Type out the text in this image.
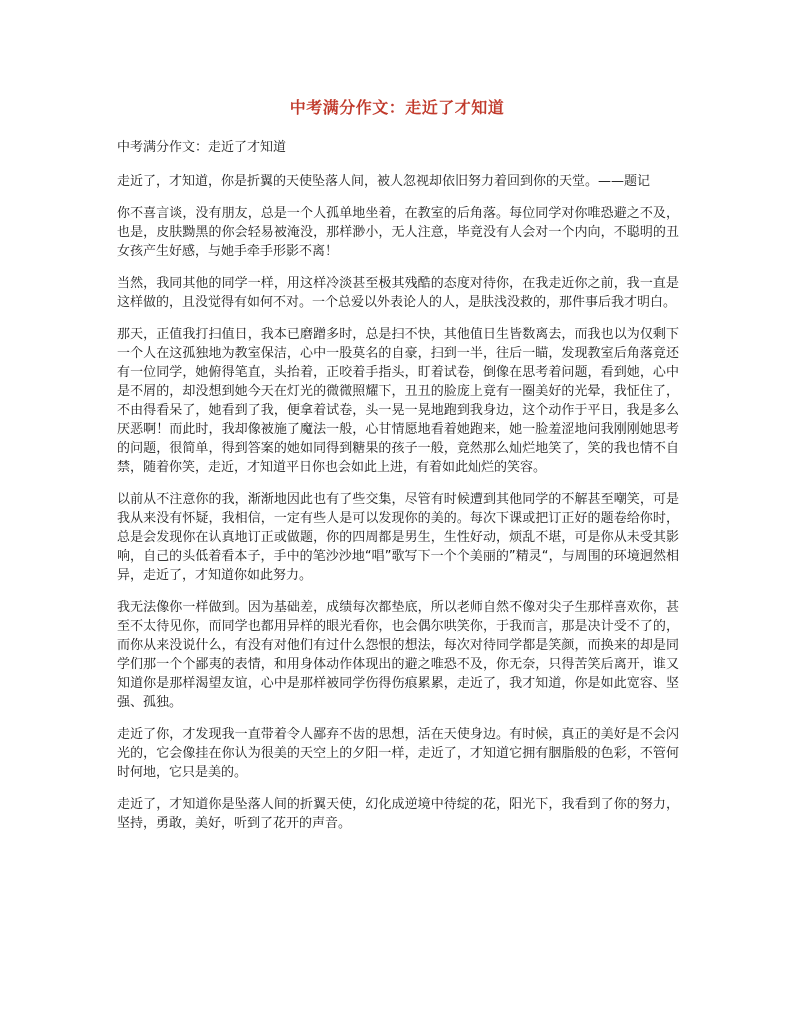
中考满分作文：走近了才知道

中考满分作文：走近了才知道

走近了，才知道，你是折翼的天使坠落人间，被人忽视却依旧努力着回到你的天堂。——题记

你不喜言谈，没有朋友，总是一个人孤单地坐着，在教室的后角落。每位同学对你唯恐避之不及，也是，皮肤黝黑的你会轻易被淹没，那样渺小，无人注意，毕竟没有人会对一个内向，不聪明的丑女孩产生好感，与她手牵手形影不离！

当然，我同其他的同学一样，用这样冷淡甚至极其残酷的态度对待你，在我走近你之前，我一直是这样做的，且没觉得有如何不对。一个总爱以外表论人的人，是肤浅没救的，那件事后我才明白。

那天，正值我打扫值日，我本已磨蹭多时，总是扫不快，其他值日生皆数离去，而我也以为仅剩下一个人在这孤独地为教室保洁，心中一股莫名的自豪，扫到一半，往后一瞄，发现教室后角落竟还有一位同学，她俯得笔直，头抬着，正咬着手指头，盯着试卷，倒像在思考着问题，看到她，心中是不屑的，却没想到她今天在灯光的微微照耀下，丑丑的脸庞上竟有一圈美好的光晕，我怔住了，不由得看呆了，她看到了我，便拿着试卷，头一晃一晃地跑到我身边，这个动作于平日，我是多么厌恶啊！而此时，我却像被施了魔法一般，心甘情愿地看着她跑来，她一脸羞涩地问我刚刚她思考的问题，很简单，得到答案的她如同得到糖果的孩子一般，竟然那么灿烂地笑了，笑的我也情不自禁，随着你笑，走近，才知道平日你也会如此上进，有着如此灿烂的笑容。

以前从不注意你的我，渐渐地因此也有了些交集，尽管有时候遭到其他同学的不解甚至嘲笑，可是我从来没有怀疑，我相信，一定有些人是可以发现你的美的。每次下课或把订正好的题卷给你时，总是会发现你在认真地订正或做题，你的四周都是男生，生性好动，烦乱不堪，可是你从未受其影响，自己的头低着看本子，手中的笔沙沙地“唱”歌写下一个个美丽的”精灵“，与周围的环境迥然相异，走近了，才知道你如此努力。

我无法像你一样做到。因为基础差，成绩每次都垫底，所以老师自然不像对尖子生那样喜欢你，甚至不太待见你，而同学也都用异样的眼光看你，也会偶尔哄笑你，于我而言，那是决计受不了的，而你从来没说什么，有没有对他们有过什么怨恨的想法，每次对待同学都是笑颜，而换来的却是同学们那一个个鄙夷的表情，和用身体动作体现出的避之唯恐不及，你无奈，只得苦笑后离开，谁又知道你是那样渴望友谊，心中是那样被同学伤得伤痕累累，走近了，我才知道，你是如此宽容、坚强、孤独。

走近了你，才发现我一直带着令人鄙弃不齿的思想，活在天使身边。有时候，真正的美好是不会闪光的，它会像挂在你认为很美的天空上的夕阳一样，走近了，才知道它拥有胭脂般的色彩，不管何时何地，它只是美的。

走近了，才知道你是坠落人间的折翼天使，幻化成逆境中待绽的花，阳光下，我看到了你的努力，坚持，勇敢，美好，听到了花开的声音。
